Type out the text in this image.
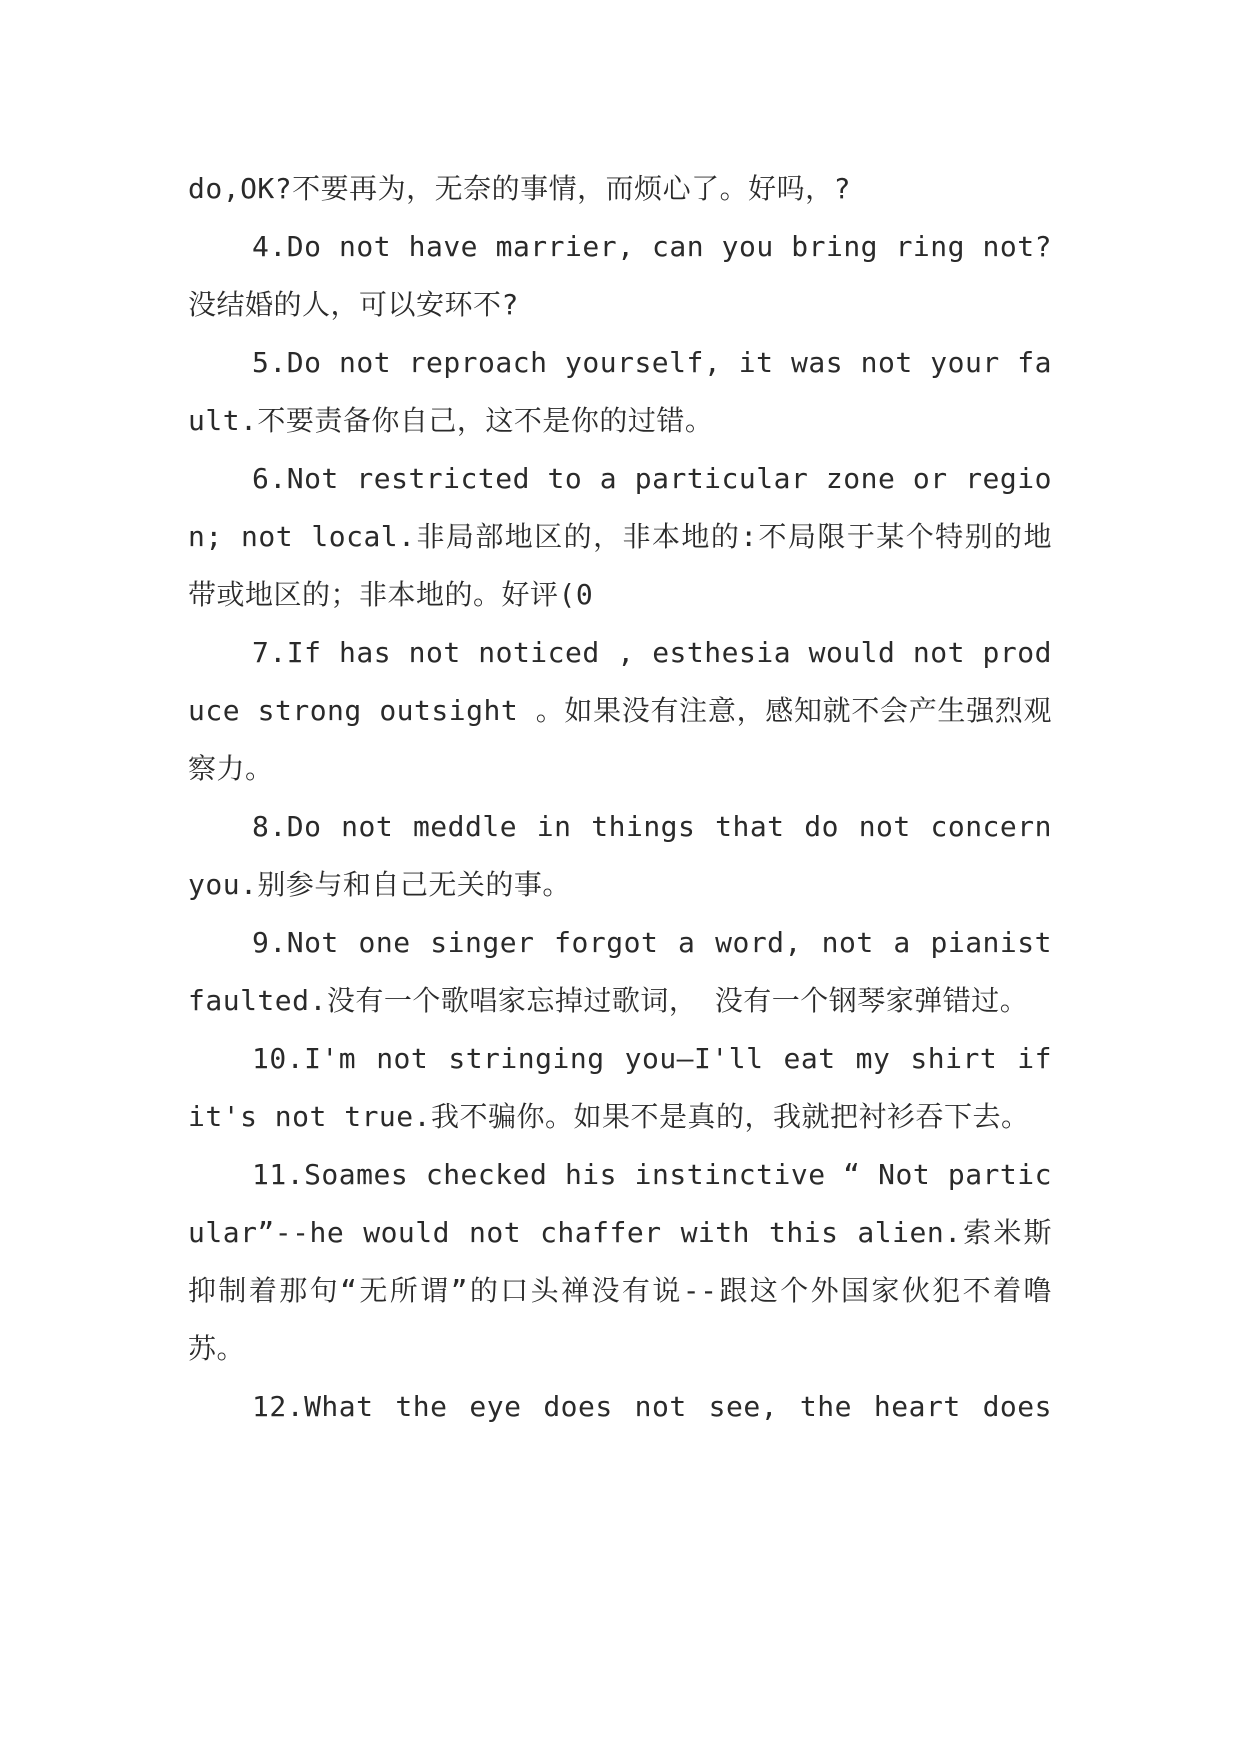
do,OK?不要再为，无奈的事情，而烦心了。好吗，?

4.Do not have marrier, can you bring ring not? 没结婚的人，可以安环不?

5.Do not reproach yourself, it was not your fault.不要责备你自己，这不是你的过错。

6.Not restricted to a particular zone or region; not local.非局部地区的，非本地的:不局限于某个特别的地带或地区的；非本地的。好评(0

7.If has not noticed , esthesia would not produce strong outsight 。如果没有注意，感知就不会产生强烈观察力。

8.Do not meddle in things that do not concern you.别参与和自己无关的事。

9.Not one singer forgot a word, not a pianist faulted.没有一个歌唱家忘掉过歌词， 没有一个钢琴家弹错过。

10.I'm not stringing you—I'll eat my shirt if it's not true.我不骗你。如果不是真的，我就把衬衫吞下去。

11.Soames checked his instinctive “ Not particular”--he would not chaffer with this alien.索米斯抑制着那句“无所谓”的口头禅没有说--跟这个外国家伙犯不着噜苏。

12.What the eye does not see, the heart does
